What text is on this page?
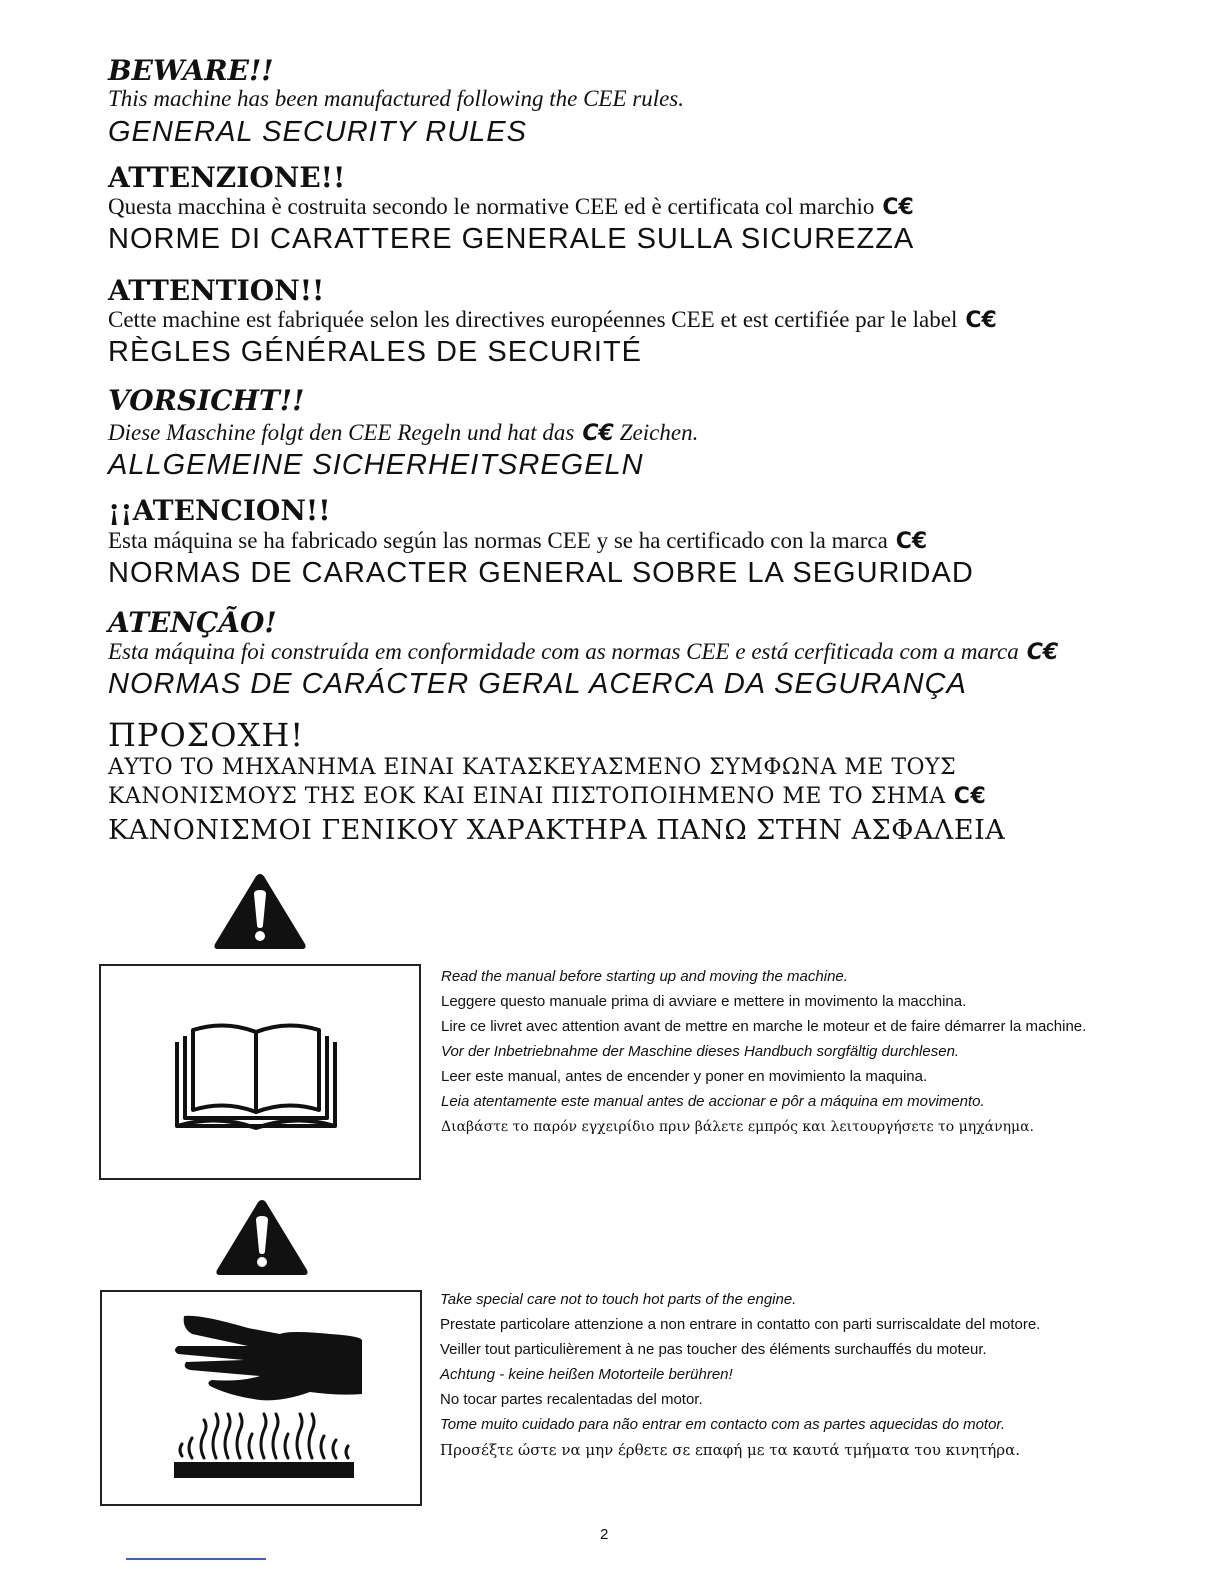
BEWARE!!
This machine has been manufactured following the CEE rules.
GENERAL SECURITY RULES
ATTENZIONE!!
Questa macchina è costruita secondo le normative CEE ed è certificata col marchio C€
NORME DI CARATTERE GENERALE SULLA SICUREZZA
ATTENTION!!
Cette machine est fabriquée selon les directives européennes CEE et est certifiée par le label C€
RÈGLES GÉNÉRALES DE SECURITÉ
VORSICHT!!
Diese Maschine folgt den CEE Regeln und hat das C€ Zeichen.
ALLGEMEINE SICHERHEITSREGELN
¡¡ATENCION!!
Esta máquina se ha fabricado según las normas CEE y se ha certificado con la marca C€
NORMAS DE CARACTER GENERAL SOBRE LA SEGURIDAD
ATENÇÃO!
Esta máquina foi construída em conformidade com as normas CEE e está cerfiticada com a marca C€
NORMAS DE CARÁCTER GERAL ACERCA DA SEGURANÇA
ΠΡΟΣΟΧΗ!
ΑΥΤΟ ΤΟ ΜΗΧΑΝΗΜΑ ΕΙΝΑΙ ΚΑΤΑΣΚΕΥΑΣΜΕΝΟ ΣΥΜΦΩΝΑ ΜΕ ΤΟΥΣ
ΚΑΝΟΝΙΣΜΟΥΣ ΤΗΣ ΕΟΚ ΚΑΙ ΕΙΝΑΙ ΠΙΣΤΟΠΟΙΗΜΕΝΟ ΜΕ ΤΟ ΣΗΜΑ C€
ΚΑΝΟΝΙΣΜΟΙ ΓΕΝΙΚΟΥ ΧΑΡΑΚΤΗΡΑ ΠΑΝΩ ΣΤΗΝ ΑΣΦΑΛΕΙΑ

Read the manual before starting up and moving the machine.

Leggere questo manuale prima di avviare e mettere in movimento la macchina.

Lire ce livret avec attention avant de mettre en marche le moteur et de faire démarrer la machine.

Vor der Inbetriebnahme der Maschine dieses Handbuch sorgfältig durchlesen.

Leer este manual, antes de encender y poner en movimiento la maquina.

Leia atentamente este manual antes de accionar e pôr a máquina em movimento.

Διαβάστε το παρόν εγχειρίδιο πριν βάλετε εμπρός και λειτουργήσετε το μηχάνημα.

Take special care not to touch hot parts of the engine.

Prestate particolare attenzione a non entrare in contatto con parti surriscaldate del motore.

Veiller tout particulièrement à ne pas toucher des éléments surchauffés du moteur.

Achtung - keine heißen Motorteile berühren!

No tocar partes recalentadas del motor.

Tome muito cuidado para não entrar em contacto com as partes aquecidas do motor.

Προσέξτε ώστε να μην έρθετε σε επαφή με τα καυτά τμήματα του κινητήρα.

2
